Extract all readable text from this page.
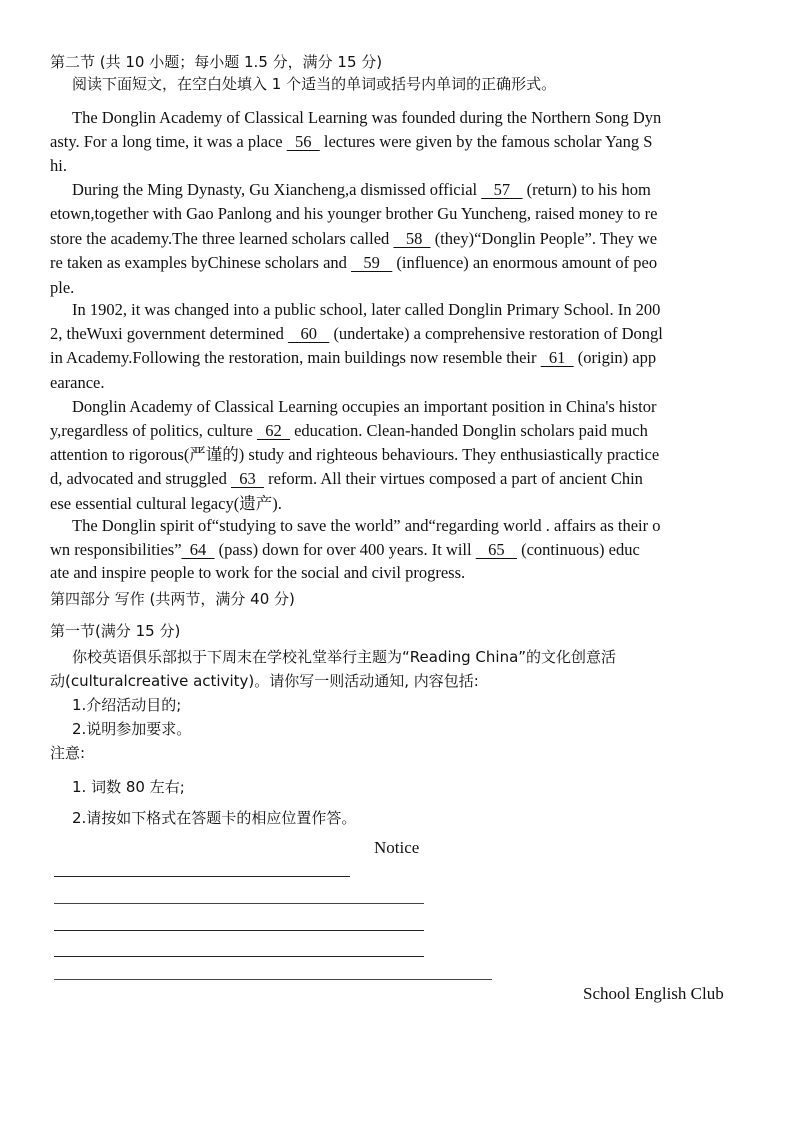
第二节 (共 10 小题；每小题 1.5 分，满分 15 分)
阅读下面短文，在空白处填入 1 个适当的单词或括号内单词的正确形式。
The Donglin Academy of Classical Learning was founded during the Northern Song Dyn
asty. For a long time, it was a place   56   lectures were given by the famous scholar Yang S
hi.
During the Ming Dynasty, Gu Xiancheng,a dismissed official    57    (return) to his hom
etown,together with Gao Panlong and his younger brother Gu Yuncheng, raised money to re
store the academy.The three learned scholars called    58   (they)“Donglin People”. They we
re taken as examples byChinese scholars and    59    (influence) an enormous amount of peo
ple.
In 1902, it was changed into a public school, later called Donglin Primary School. In 200
2, theWuxi government determined    60    (undertake) a comprehensive restoration of Dongl
in Academy.Following the restoration, main buildings now resemble their   61   (origin) app
earance.
Donglin Academy of Classical Learning occupies an important position in China's histor
y,regardless of politics, culture   62   education. Clean-handed Donglin scholars paid much
attention to rigorous(严谨的) study and righteous behaviours. They enthusiastically practice
d, advocated and struggled   63   reform. All their virtues composed a part of ancient Chin
ese essential cultural legacy(遗产).
The Donglin spirit of“studying to save the world” and“regarding world . affairs as their o
wn responsibilities”  64   (pass) down for over 400 years. It will    65    (continuous) educ
ate and inspire people to work for the social and civil progress.
第四部分 写作 (共两节，满分 40 分)
第一节(满分 15 分)
你校英语俱乐部拟于下周末在学校礼堂举行主题为“Reading China”的文化创意活
动(culturalcreative activity)。请你写一则活动通知, 内容包括:
1.介绍活动目的;
2.说明参加要求。
注意:
1. 词数 80 左右;
2.请按如下格式在答题卡的相应位置作答。
Notice
School English Club
